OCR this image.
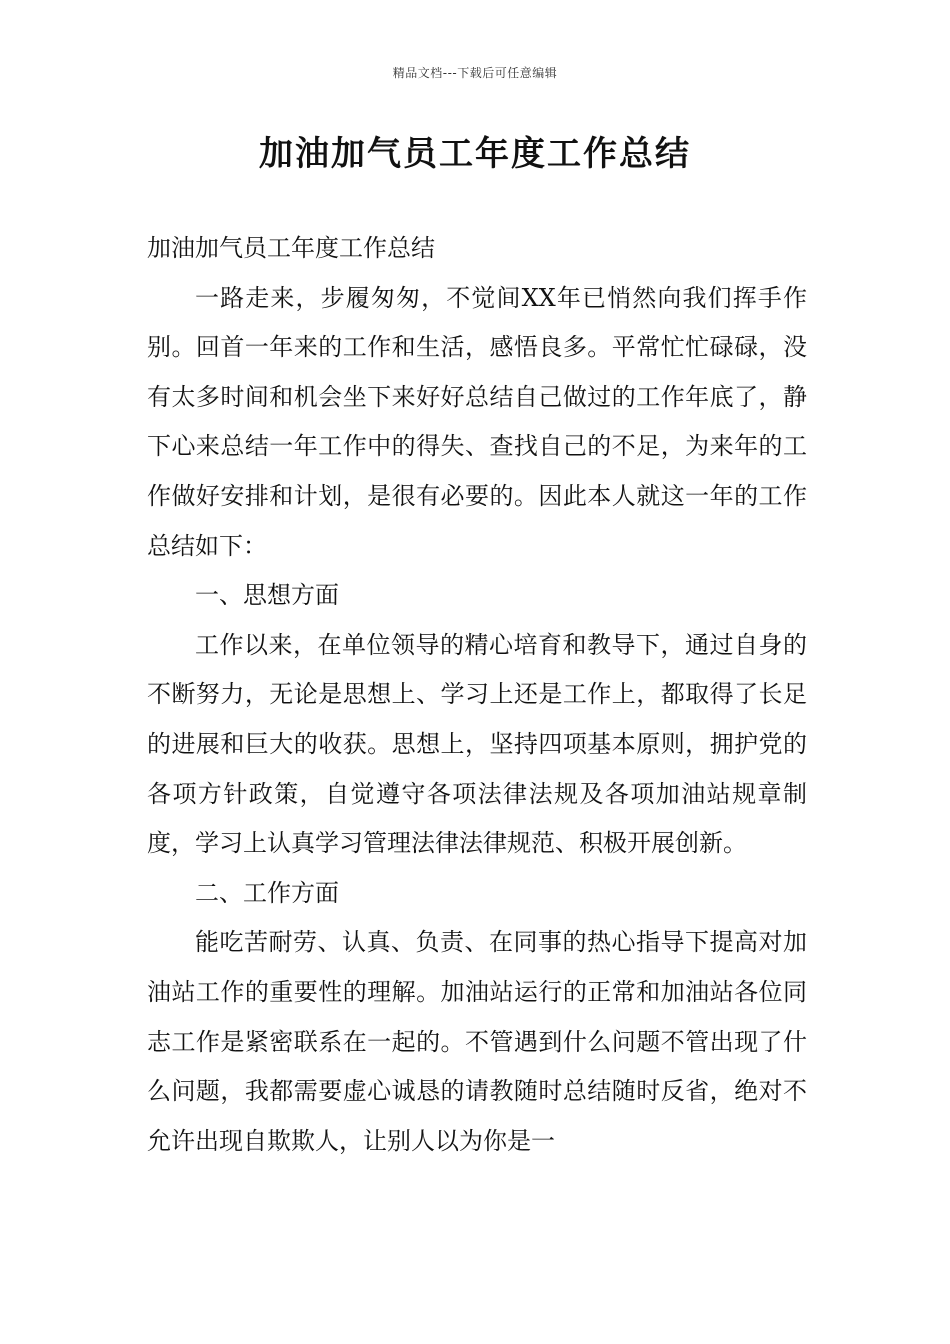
精品文档---下载后可任意编辑
加油加气员工年度工作总结

加油加气员工年度工作总结

一路走来，步履匆匆，不觉间XX年已悄然向我们挥手作别。回首一年来的工作和生活，感悟良多。平常忙忙碌碌，没有太多时间和机会坐下来好好总结自己做过的工作年底了，静下心来总结一年工作中的得失、查找自己的不足，为来年的工作做好安排和计划，是很有必要的。因此本人就这一年的工作总结如下：

一、思想方面

工作以来，在单位领导的精心培育和教导下，通过自身的不断努力，无论是思想上、学习上还是工作上，都取得了长足的进展和巨大的收获。思想上，坚持四项基本原则，拥护党的各项方针政策，自觉遵守各项法律法规及各项加油站规章制度，学习上认真学习管理法律法律规范、积极开展创新。

二、工作方面

能吃苦耐劳、认真、负责、在同事的热心指导下提高对加油站工作的重要性的理解。加油站运行的正常和加油站各位同志工作是紧密联系在一起的。不管遇到什么问题不管出现了什么问题，我都需要虚心诚恳的请教随时总结随时反省，绝对不允许出现自欺欺人，让别人以为你是一
